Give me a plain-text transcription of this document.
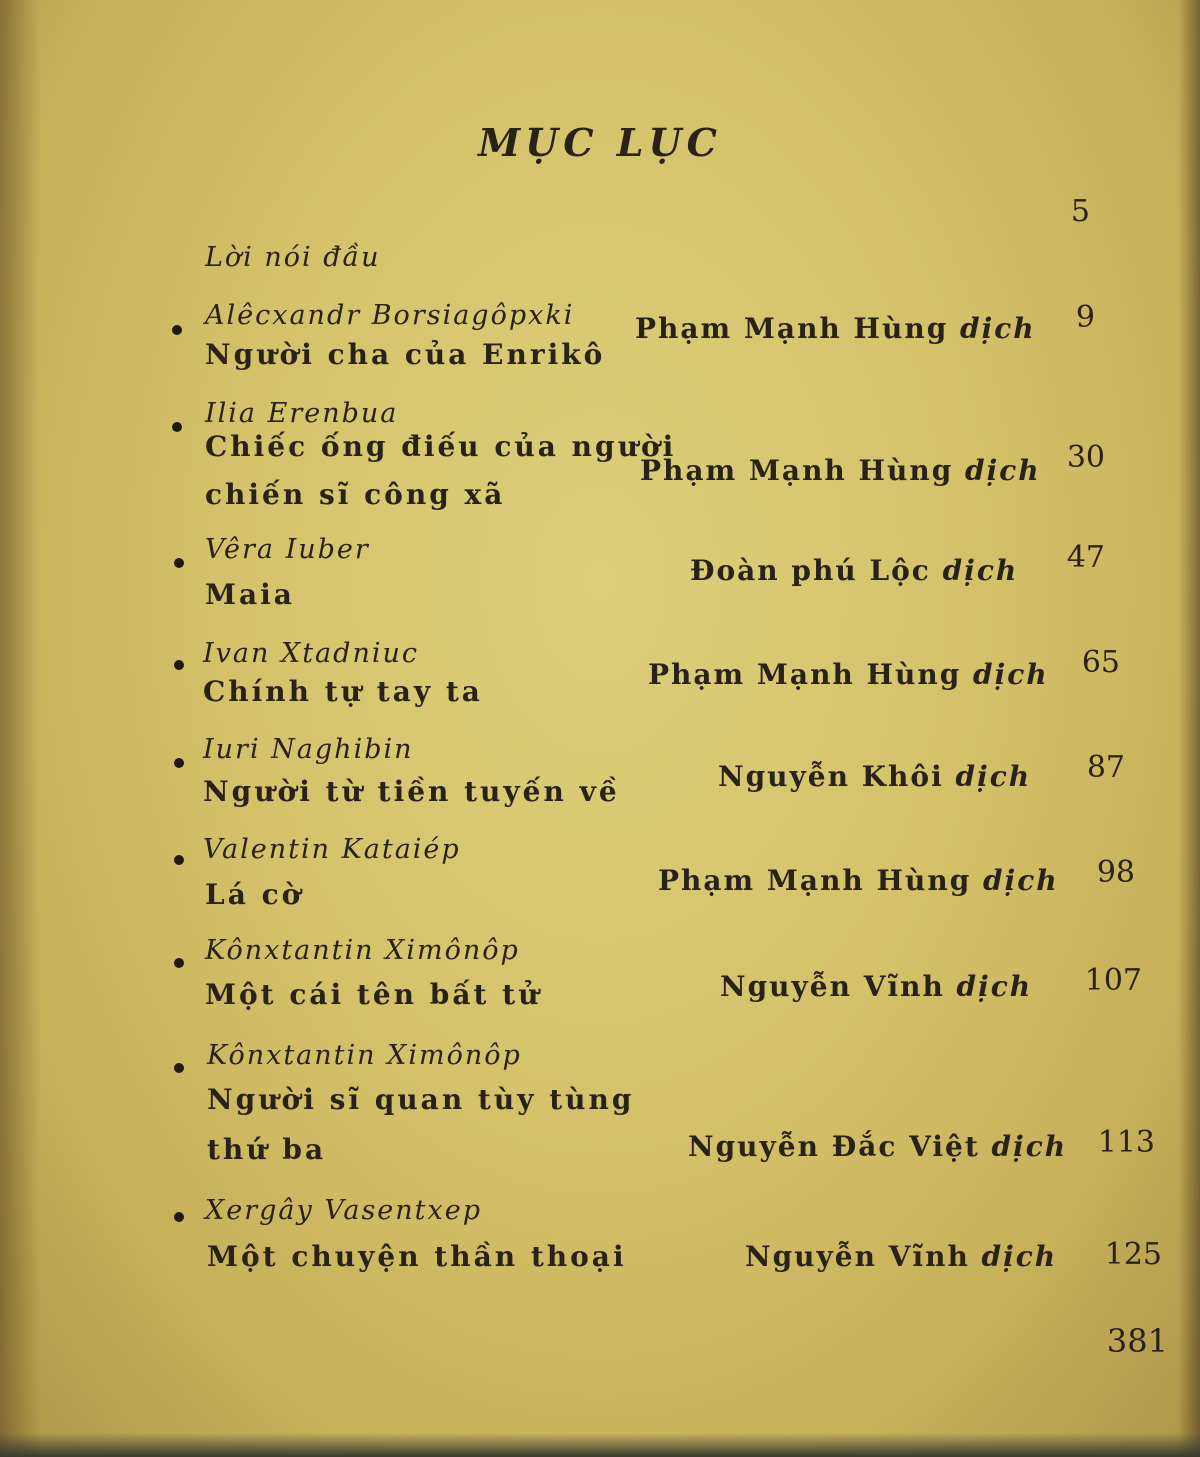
MỤC LỤC
Lời nói đầu
5
Alêcxandr Borsiagôpxki
Người cha của Enrikô
Phạm Mạnh Hùng dịch	9
Ilia Erenbua
Chiếc ống điếu của người
chiến sĩ công xã
Phạm Mạnh Hùng dịch 30
Vêra Iuber
Maia
Đoàn phú Lộc dịch	47
Ivan Xtadniuc
Chính tự tay ta
Phạm Mạnh Hùng dịch	65
Iuri Naghibin
Người từ tiền tuyến về	Nguyễn Khôi dịch	87
Valentin Kataiép
Lá cờ	Phạm Mạnh Hùng dịch	98
Kônxtantin Ximônôp
Một cái tên bất tử	Nguyễn Vĩnh dịch	107
Kônxtantin Ximônôp
Người sĩ quan tùy tùng
thứ ba	Nguyễn Đắc Việt dịch	113
Xergây Vasentxep
Một chuyện thần thoại	Nguyễn Vĩnh dịch	125
381
